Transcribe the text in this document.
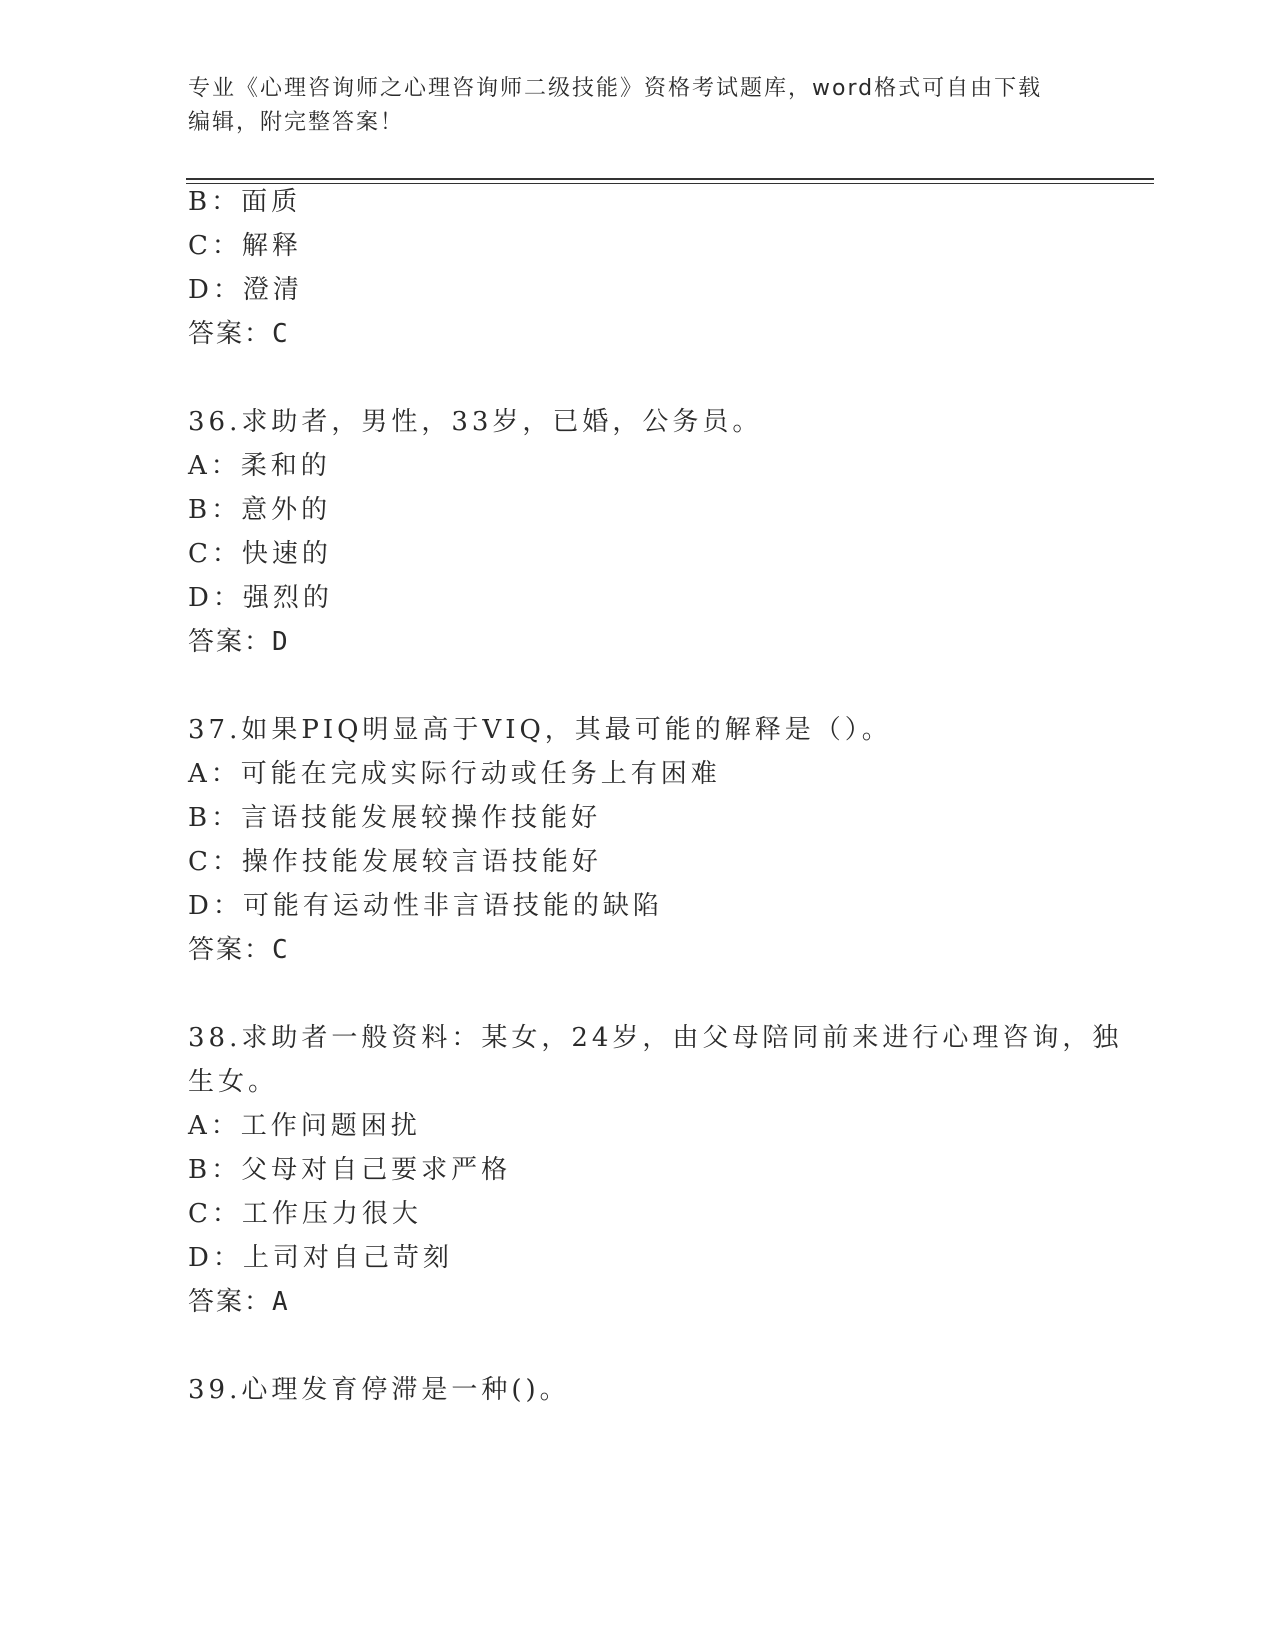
专业《心理咨询师之心理咨询师二级技能》资格考试题库，word格式可自由下载
编辑，附完整答案！
B：面质
C：解释
D：澄清
答案：C
36.求助者，男性，33岁，已婚，公务员。
A：柔和的
B：意外的
C：快速的
D：强烈的
答案：D
37.如果PIQ明显高于VIQ，其最可能的解释是（）。
A：可能在完成实际行动或任务上有困难
B：言语技能发展较操作技能好
C：操作技能发展较言语技能好
D：可能有运动性非言语技能的缺陷
答案：C
38.求助者一般资料：某女，24岁，由父母陪同前来进行心理咨询，独
生女。
A：工作问题困扰
B：父母对自己要求严格
C：工作压力很大
D：上司对自己苛刻
答案：A
39.心理发育停滞是一种()。
